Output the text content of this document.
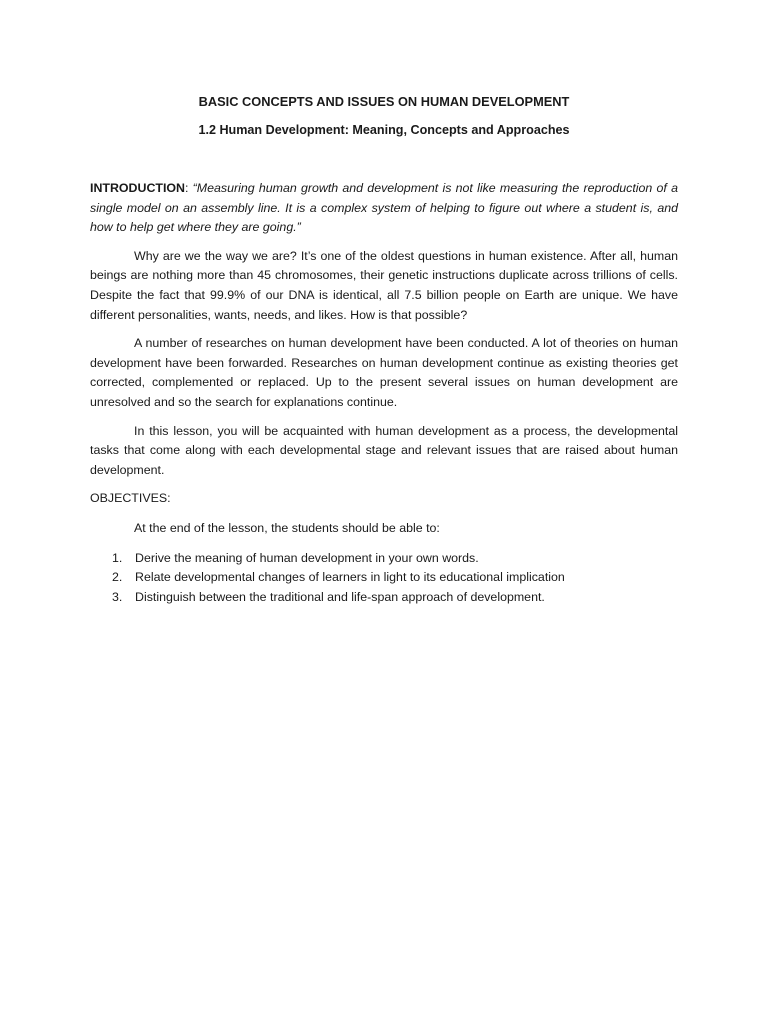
BASIC CONCEPTS AND ISSUES ON HUMAN DEVELOPMENT
1.2 Human Development: Meaning, Concepts and Approaches

INTRODUCTION: “Measuring human growth and development is not like measuring the reproduction of a single model on an assembly line. It is a complex system of helping to figure out where a student is, and how to help get where they are going.”

Why are we the way we are? It’s one of the oldest questions in human existence. After all, human beings are nothing more than 45 chromosomes, their genetic instructions duplicate across trillions of cells. Despite the fact that 99.9% of our DNA is identical, all 7.5 billion people on Earth are unique. We have different personalities, wants, needs, and likes. How is that possible?

A number of researches on human development have been conducted. A lot of theories on human development have been forwarded. Researches on human development continue as existing theories get corrected, complemented or replaced. Up to the present several issues on human development are unresolved and so the search for explanations continue.

In this lesson, you will be acquainted with human development as a process, the developmental tasks that come along with each developmental stage and relevant issues that are raised about human development.

OBJECTIVES:

At the end of the lesson, the students should be able to:

1. Derive the meaning of human development in your own words.
2. Relate developmental changes of learners in light to its educational implication
3. Distinguish between the traditional and life-span approach of development.
